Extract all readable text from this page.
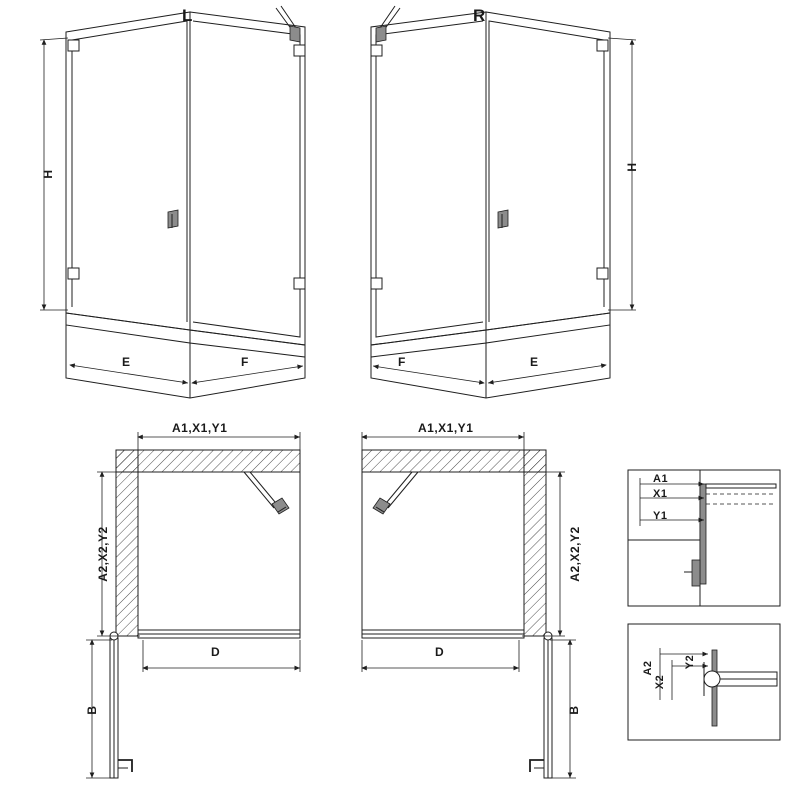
L	R
H
H
E	F	F	E
A1,X1,Y1	A1,X1,Y1
A2,X2,Y2	A2,X2,Y2
D	D
B	B
A1
X1
Y1
A2
X2
Y2
